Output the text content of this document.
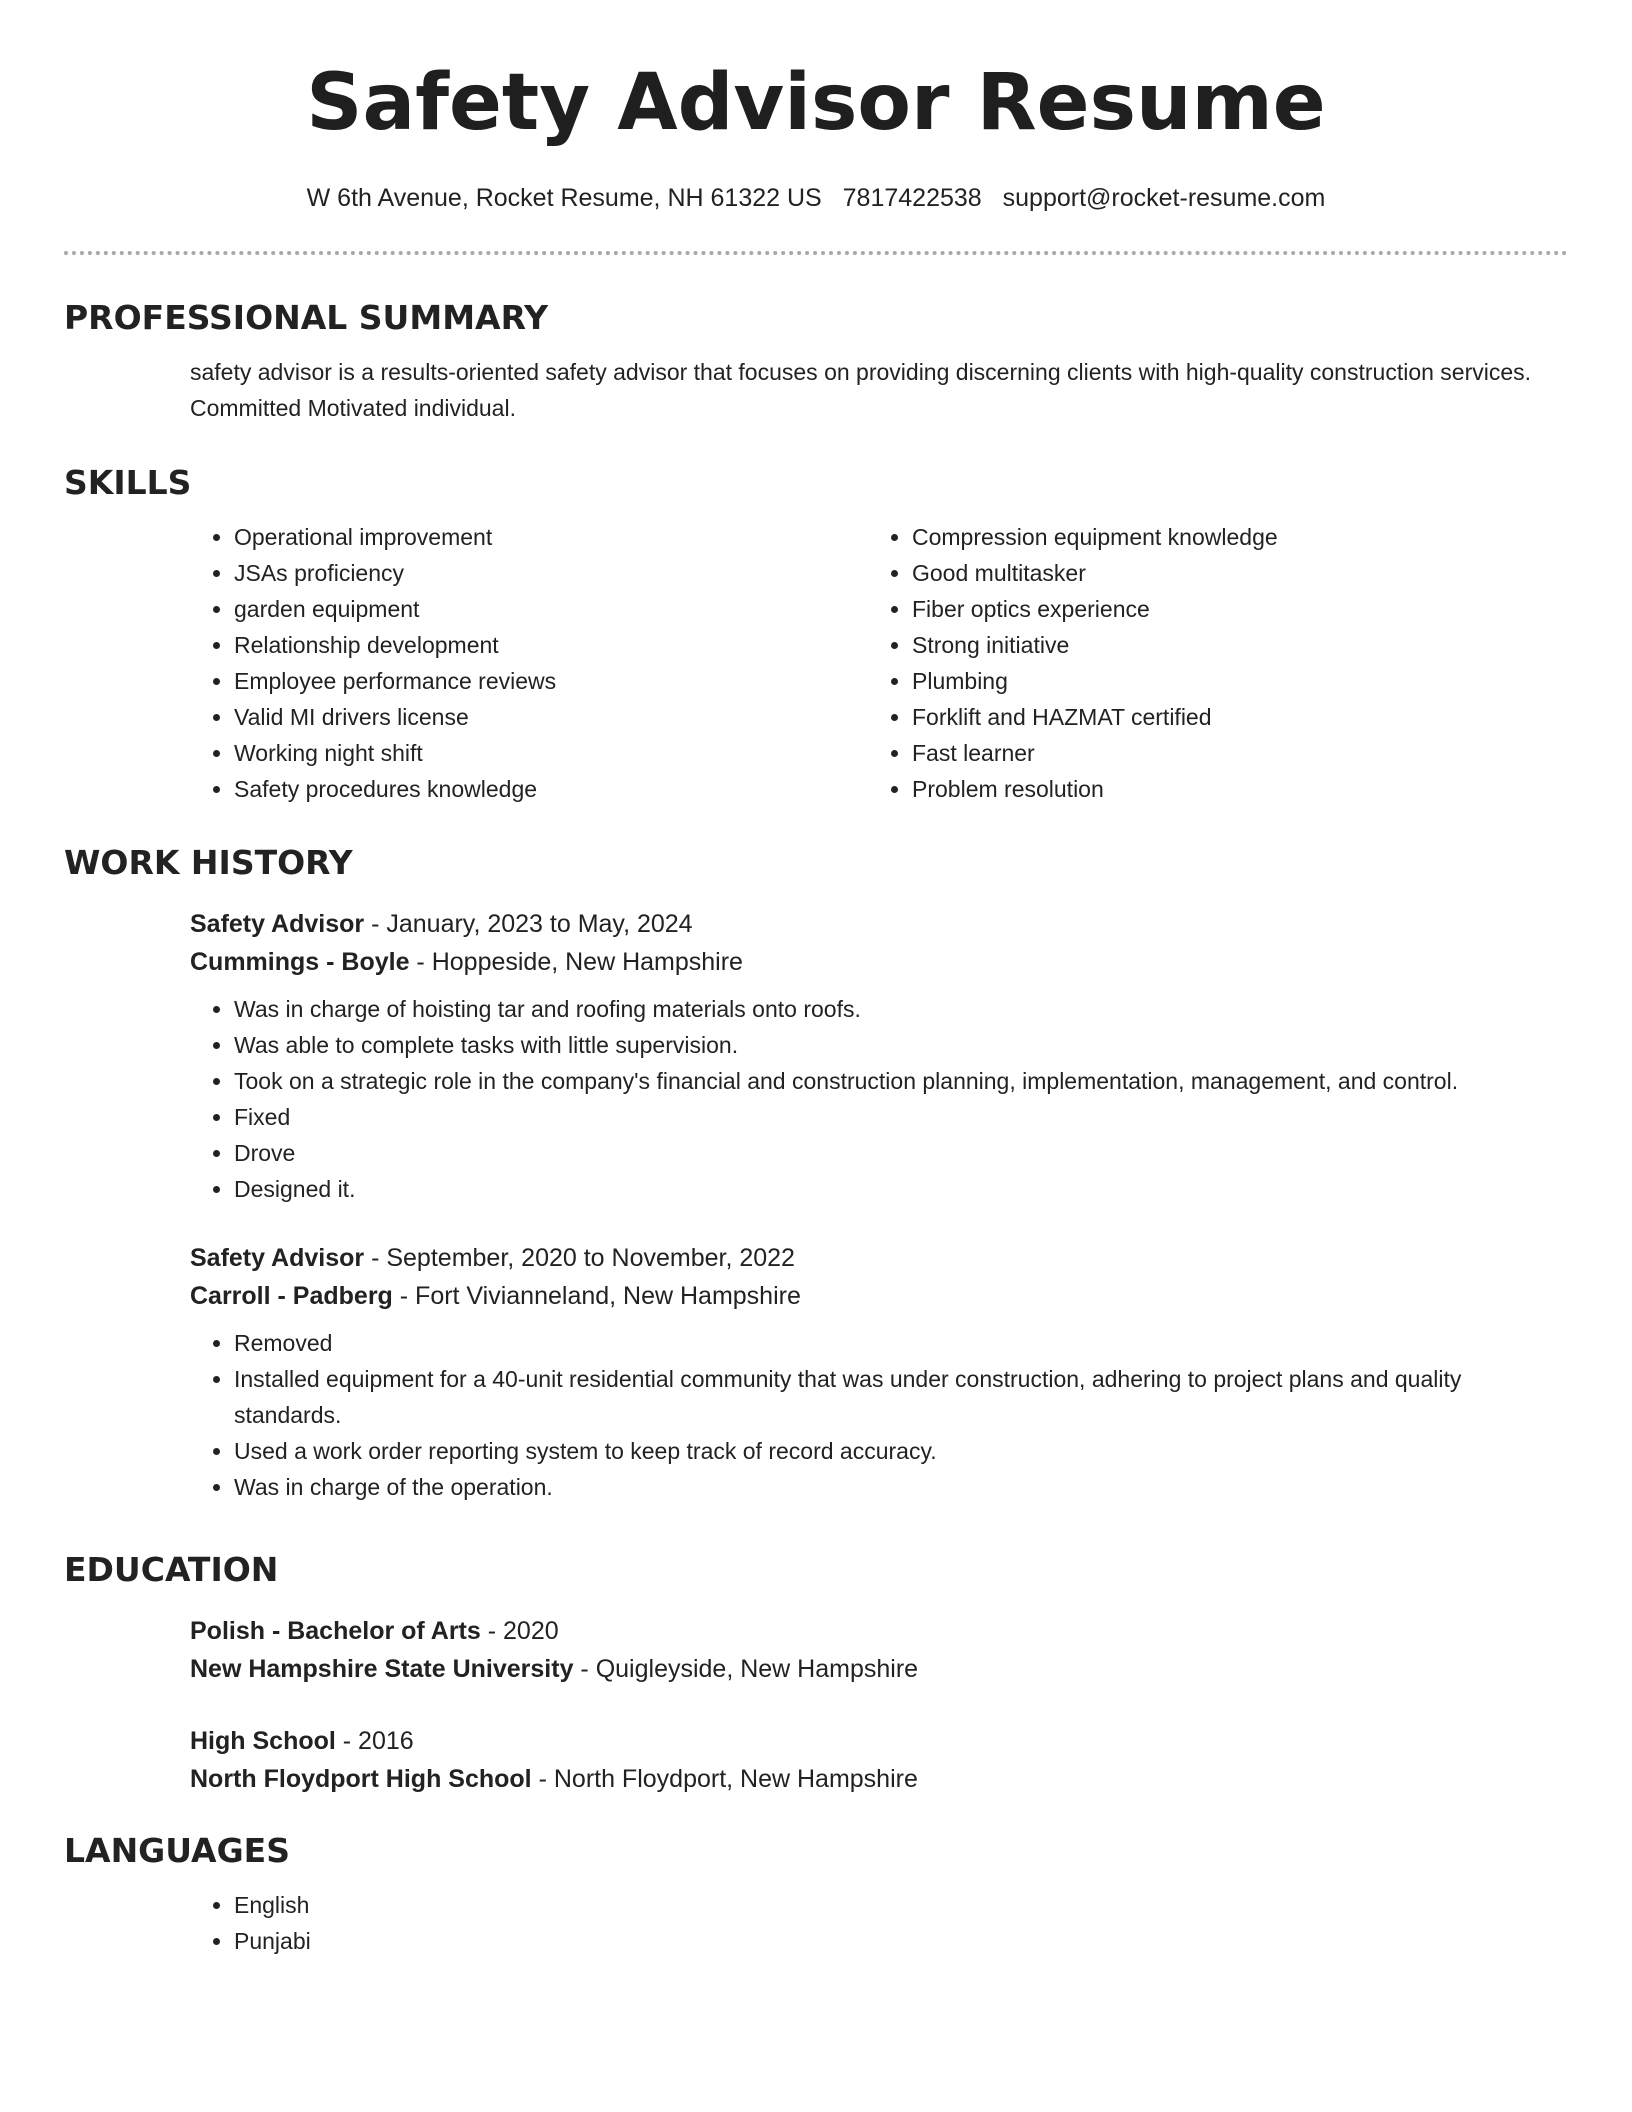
Safety Advisor Resume
W 6th Avenue, Rocket Resume, NH 61322 US 7817422538 support@rocket-resume.com
PROFESSIONAL SUMMARY

safety advisor is a results-oriented safety advisor that focuses on providing discerning clients with high-quality construction services. Committed Motivated individual.

SKILLS
• Operational improvement
• JSAs proficiency
• garden equipment
• Relationship development
• Employee performance reviews
• Valid MI drivers license
• Working night shift
• Safety procedures knowledge
• Compression equipment knowledge
• Good multitasker
• Fiber optics experience
• Strong initiative
• Plumbing
• Forklift and HAZMAT certified
• Fast learner
• Problem resolution
WORK HISTORY
Safety Advisor - January, 2023 to May, 2024
Cummings - Boyle - Hoppeside, New Hampshire
• Was in charge of hoisting tar and roofing materials onto roofs.
• Was able to complete tasks with little supervision.
• Took on a strategic role in the company's financial and construction planning, implementation, management, and control.
• Fixed
• Drove
• Designed it.
Safety Advisor - September, 2020 to November, 2022
Carroll - Padberg - Fort Vivianneland, New Hampshire
• Removed
• Installed equipment for a 40-unit residential community that was under construction, adhering to project plans and quality standards.
• Used a work order reporting system to keep track of record accuracy.
• Was in charge of the operation.
EDUCATION
Polish - Bachelor of Arts - 2020
New Hampshire State University - Quigleyside, New Hampshire
High School - 2016
North Floydport High School - North Floydport, New Hampshire
LANGUAGES
• English
• Punjabi
